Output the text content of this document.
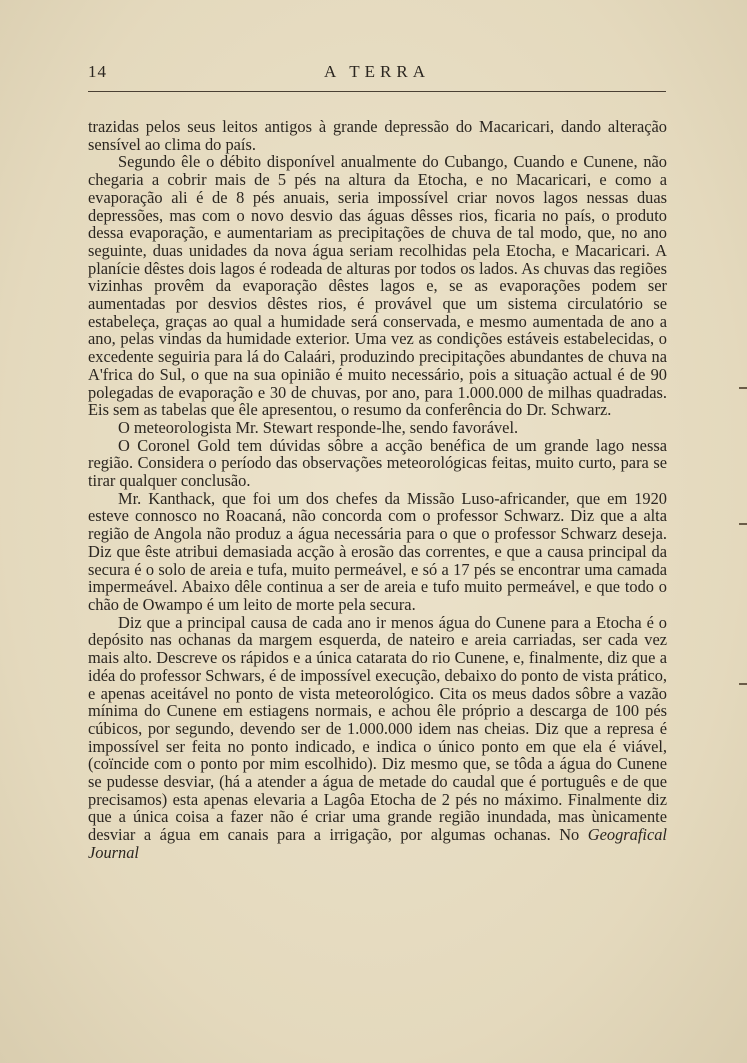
14	A TERRA

trazidas pelos seus leitos antigos à grande depressão do Macaricari, dando alteração sensível ao clima do país.

Segundo êle o débito disponível anualmente do Cubango, Cuando e Cunene, não chegaria a cobrir mais de 5 pés na altura da Etocha, e no Macaricari, e como a evaporação ali é de 8 pés anuais, seria impossível criar novos lagos nessas duas depressões, mas com o novo desvio das águas dêsses rios, ficaria no país, o produto dessa evaporação, e aumentariam as precipitações de chuva de tal modo, que, no ano seguinte, duas unidades da nova água seriam recolhidas pela Etocha, e Macaricari. A planície dêstes dois lagos é rodeada de alturas por todos os lados. As chuvas das regiões vizinhas provêm da evaporação dêstes lagos e, se as evaporações podem ser aumentadas por desvios dêstes rios, é provável que um sistema circulatório se estabeleça, graças ao qual a humidade será conservada, e mesmo aumentada de ano a ano, pelas vindas da humidade exterior. Uma vez as condições estáveis estabelecidas, o excedente seguiria para lá do Calaári, produzindo precipitações abundantes de chuva na A'frica do Sul, o que na sua opinião é muito necessário, pois a situação actual é de 90 polegadas de evaporação e 30 de chuvas, por ano, para 1.000.000 de milhas quadradas. Eis sem as tabelas que êle apresentou, o resumo da conferência do Dr. Schwarz.

O meteorologista Mr. Stewart responde-lhe, sendo favorável.

O Coronel Gold tem dúvidas sôbre a acção benéfica de um grande lago nessa região. Considera o período das observações meteorológicas feitas, muito curto, para se tirar qualquer conclusão.

Mr. Kanthack, que foi um dos chefes da Missão Luso-africander, que em 1920 esteve connosco no Roacaná, não concorda com o professor Schwarz. Diz que a alta região de Angola não produz a água necessária para o que o professor Schwarz deseja. Diz que êste atribui demasiada acção à erosão das correntes, e que a causa principal da secura é o solo de areia e tufa, muito permeável, e só a 17 pés se encontrar uma camada impermeável. Abaixo dêle continua a ser de areia e tufo muito permeável, e que todo o chão de Owampo é um leito de morte pela secura.

Diz que a principal causa de cada ano ir menos água do Cunene para a Etocha é o depósito nas ochanas da margem esquerda, de nateiro e areia carriadas, ser cada vez mais alto. Descreve os rápidos e a única catarata do rio Cunene, e, finalmente, diz que a idéa do professor Schwars, é de impossível execução, debaixo do ponto de vista prático, e apenas aceitável no ponto de vista meteorológico. Cita os meus dados sôbre a vazão mínima do Cunene em estiagens normais, e achou êle próprio a descarga de 100 pés cúbicos, por segundo, devendo ser de 1.000.000 idem nas cheias. Diz que a represa é impossível ser feita no ponto indicado, e indica o único ponto em que ela é viável, (coïncide com o ponto por mim escolhido). Diz mesmo que, se tôda a água do Cunene se pudesse desviar, (há a atender a água de metade do caudal que é português e de que precisamos) esta apenas elevaria a Lagôa Etocha de 2 pés no máximo. Finalmente diz que a única coisa a fazer não é criar uma grande região inundada, mas ùnicamente desviar a água em canais para a irrigação, por algumas ochanas. No Geografical Journal
